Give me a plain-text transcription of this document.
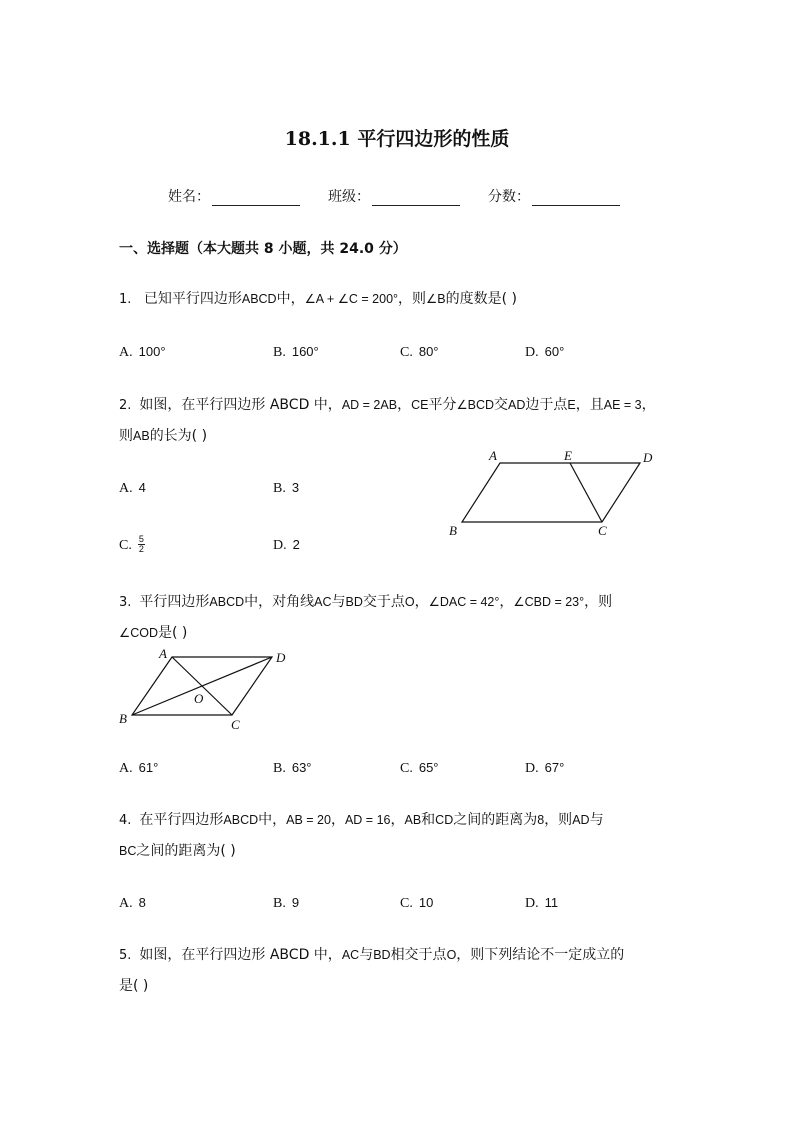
18.1.1 平行四边形的性质
姓名：	班级：	分数：
一、选择题（本大题共 8 小题，共 24.0 分）
1. 已知平行四边形ABCD中，∠A + ∠C = 200°，则∠B的度数是( )
A. 100°	B. 160°	C. 80°	D. 60°
2. 如图，在平行四边形 ABCD 中，AD = 2AB，CE平分∠BCD交AD边于点E，且AE = 3，
则AB的长为( )
A. 4	B. 3
C. $\frac{5}{2}$	D. 2
A	E	D
B	C
3. 平行四边形ABCD中，对角线AC与BD交于点O，∠DAC = 42°，∠CBD = 23°，则
∠COD是( )
A	D
O
B	C
A. 61°	B. 63°	C. 65°	D. 67°
4. 在平行四边形ABCD中，AB = 20，AD = 16，AB和CD之间的距离为8，则AD与
BC之间的距离为( )
A. 8	B. 9	C. 10	D. 11
5. 如图，在平行四边形 ABCD 中，AC与BD相交于点O，则下列结论不一定成立的
是( )
